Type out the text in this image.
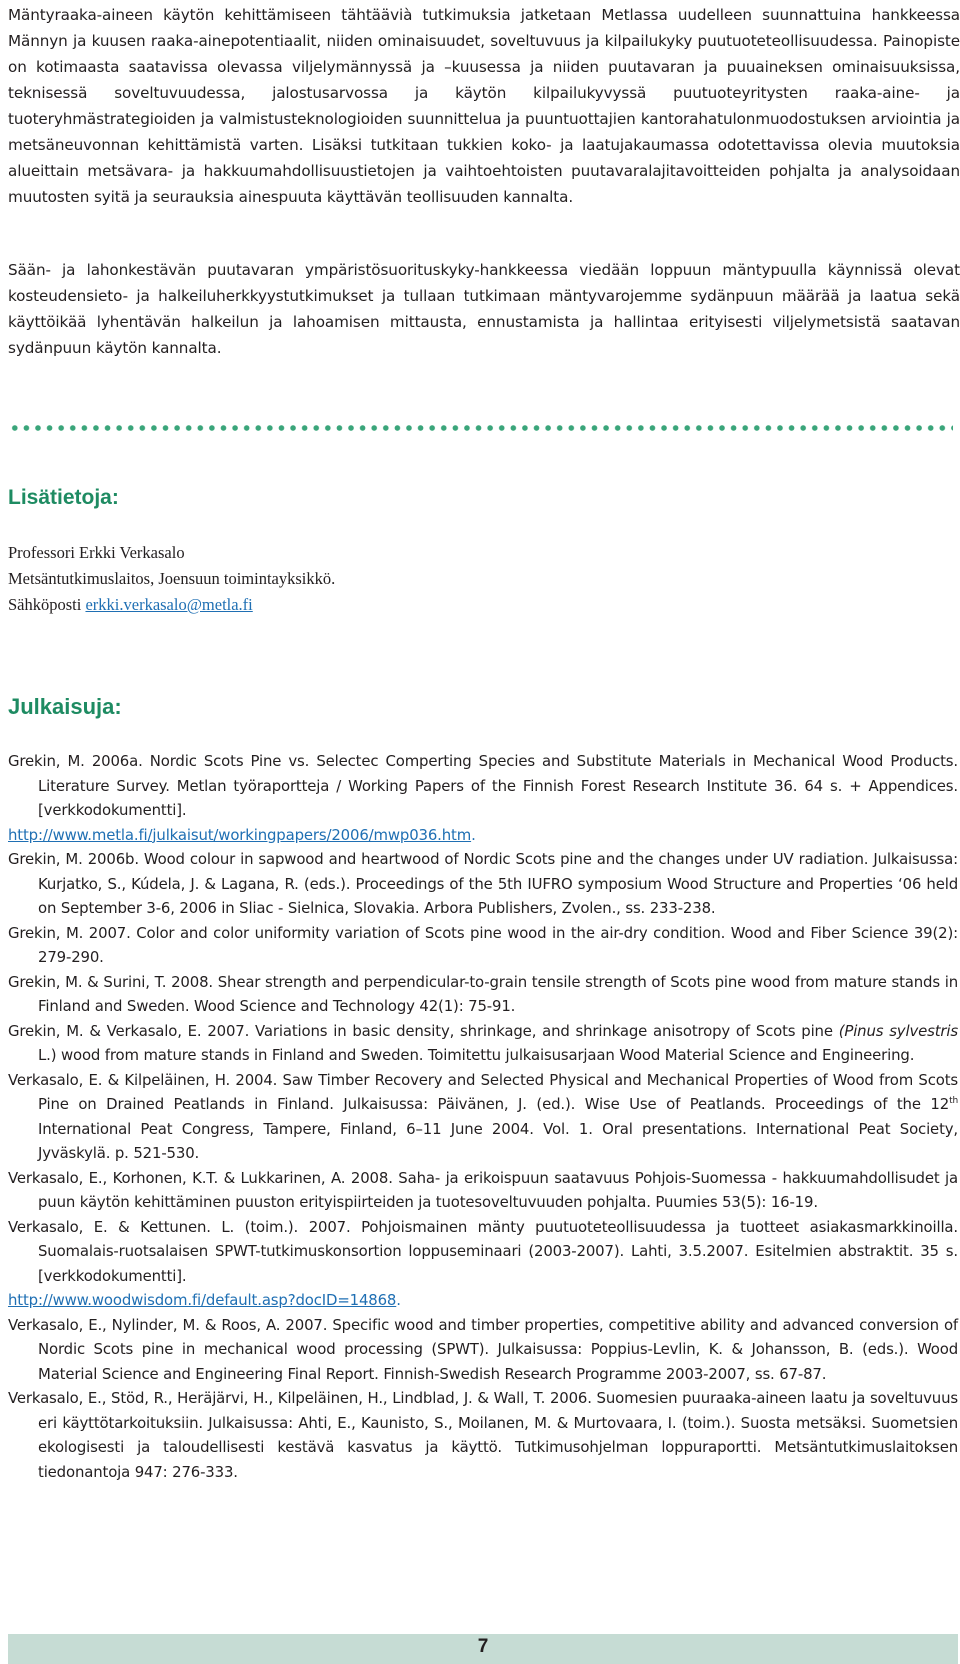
Mäntyraaka-aineen käytön kehittämiseen tähtäävià tutkimuksia jatketaan Metlassa uudelleen suunnattuina hankkeessa Männyn ja kuusen raaka-ainepotentiaalit, niiden ominaisuudet, soveltuvuus ja kilpailukyky puutuoteteollisuudessa. Painopiste on kotimaasta saatavissa olevassa viljelymännyssä ja –kuusessa ja niiden puutavaran ja puuaineksen ominaisuuksissa, teknisessä soveltuvuudessa, jalostusarvossa ja käytön kilpailukyvyssä puutuoteyritysten raaka-aine- ja tuoteryhmästrategioiden ja valmistusteknologioiden suunnittelua ja puuntuottajien kantorahatulonmuodostuksen arviointia ja metsäneuvonnan kehittämistä varten. Lisäksi tutkitaan tukkien koko- ja laatujakaumassa odotettavissa olevia muutoksia alueittain metsävara- ja hakkuumahdollisuustietojen ja vaihtoehtoisten puutavaralajitavoitteiden pohjalta ja analysoidaan muutosten syitä ja seurauksia ainespuuta käyttävän teollisuuden kannalta.

Sään- ja lahonkestävän puutavaran ympäristösuorituskyky-hankkeessa viedään loppuun mäntypuulla käynnissä olevat kosteudensieto- ja halkeiluherkkyystutkimukset ja tullaan tutkimaan mäntyvarojemme sydänpuun määrää ja laatua sekä käyttöikää lyhentävän halkeilun ja lahoamisen mittausta, ennustamista ja hallintaa erityisesti viljelymetsistä saatavan sydänpuun käytön kannalta.

Lisätietoja:
Professori Erkki Verkasalo
Metsäntutkimuslaitos, Joensuun toimintayksikkö.
Sähköposti erkki.verkasalo@metla.fi
Julkaisuja:

Grekin, M. 2006a. Nordic Scots Pine vs. Selectec Comperting Species and Substitute Materials in Mechanical Wood Products. Literature Survey. Metlan työraportteja / Working Papers of the Finnish Forest Research Institute 36. 64 s. + Appendices. [verkkodokumentti].

http://www.metla.fi/julkaisut/workingpapers/2006/mwp036.htm.

Grekin, M. 2006b. Wood colour in sapwood and heartwood of Nordic Scots pine and the changes under UV radiation. Julkaisussa: Kurjatko, S., Kúdela, J. & Lagana, R. (eds.). Proceedings of the 5th IUFRO symposium Wood Structure and Properties ‘06 held on September 3-6, 2006 in Sliac - Sielnica, Slovakia. Arbora Publishers, Zvolen., ss. 233-238.

Grekin, M. 2007. Color and color uniformity variation of Scots pine wood in the air-dry condition. Wood and Fiber Science 39(2): 279-290.

Grekin, M. & Surini, T. 2008. Shear strength and perpendicular-to-grain tensile strength of Scots pine wood from mature stands in Finland and Sweden. Wood Science and Technology 42(1): 75-91.

Grekin, M. & Verkasalo, E. 2007. Variations in basic density, shrinkage, and shrinkage anisotropy of Scots pine (Pinus sylvestris L.) wood from mature stands in Finland and Sweden. Toimitettu julkaisusarjaan Wood Material Science and Engineering.

Verkasalo, E. & Kilpeläinen, H. 2004. Saw Timber Recovery and Selected Physical and Mechanical Properties of Wood from Scots Pine on Drained Peatlands in Finland. Julkaisussa: Päivänen, J. (ed.). Wise Use of Peatlands. Proceedings of the 12th International Peat Congress, Tampere, Finland, 6–11 June 2004. Vol. 1. Oral presentations. International Peat Society, Jyväskylä. p. 521-530.

Verkasalo, E., Korhonen, K.T. & Lukkarinen, A. 2008. Saha- ja erikoispuun saatavuus Pohjois-Suomessa - hakkuumahdollisudet ja puun käytön kehittäminen puuston erityispiirteiden ja tuotesoveltuvuuden pohjalta. Puumies 53(5): 16-19.

Verkasalo, E. & Kettunen. L. (toim.). 2007. Pohjoismainen mänty puutuoteteollisuudessa ja tuotteet asiakasmarkkinoilla. Suomalais-ruotsalaisen SPWT-tutkimuskonsortion loppuseminaari (2003-2007). Lahti, 3.5.2007. Esitelmien abstraktit. 35 s. [verkkodokumentti].

http://www.woodwisdom.fi/default.asp?docID=14868.

Verkasalo, E., Nylinder, M. & Roos, A. 2007. Specific wood and timber properties, competitive ability and advanced conversion of Nordic Scots pine in mechanical wood processing (SPWT). Julkaisussa: Poppius-Levlin, K. & Johansson, B. (eds.). Wood Material Science and Engineering Final Report. Finnish-Swedish Research Programme 2003-2007, ss. 67-87.

Verkasalo, E., Stöd, R., Heräjärvi, H., Kilpeläinen, H., Lindblad, J. & Wall, T. 2006. Suomesien puuraaka-aineen laatu ja soveltuvuus eri käyttötarkoituksiin. Julkaisussa: Ahti, E., Kaunisto, S., Moilanen, M. & Murtovaara, I. (toim.). Suosta metsäksi. Suometsien ekologisesti ja taloudellisesti kestävä kasvatus ja käyttö. Tutkimusohjelman loppuraportti. Metsäntutkimuslaitoksen tiedonantoja 947: 276-333.

7
